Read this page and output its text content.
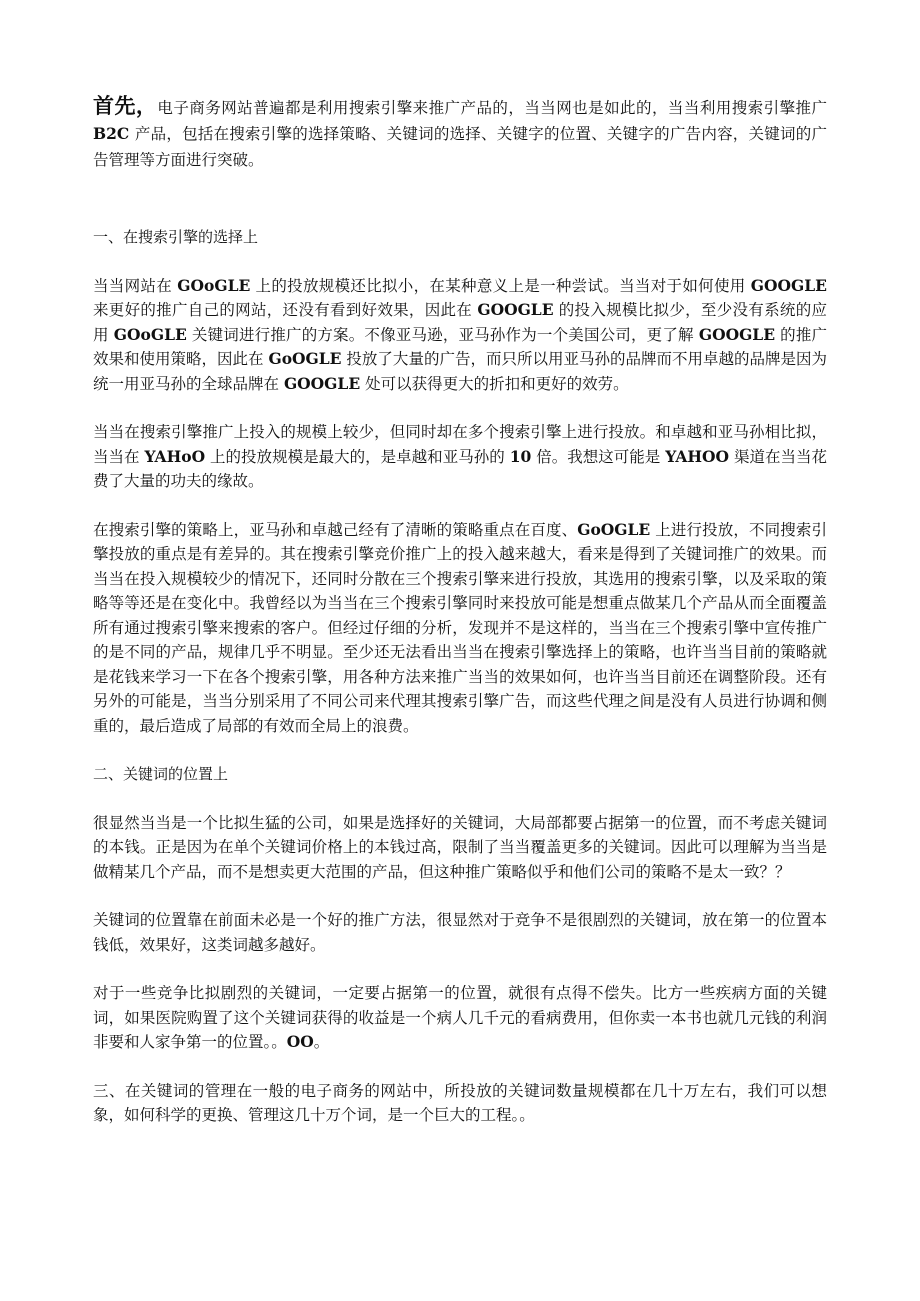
首先，电子商务网站普遍都是利用搜索引擎来推广产品的，当当网也是如此的，当当利用搜索引擎推广 B2C 产品，包括在搜索引擎的选择策略、关键词的选择、关键字的位置、关键字的广告内容，关键词的广告管理等方面进行突破。

一、在搜索引擎的选择上

当当网站在 GOoGLE 上的投放规模还比拟小，在某种意义上是一种尝试。当当对于如何使用 GOOGLE 来更好的推广自己的网站，还没有看到好效果，因此在 GOOGLE 的投入规模比拟少，至少没有系统的应用 GOoGLE 关键词进行推广的方案。不像亚马逊，亚马孙作为一个美国公司，更了解 GOOGLE 的推广效果和使用策略，因此在 GoOGLE 投放了大量的广告，而只所以用亚马孙的品牌而不用卓越的品牌是因为统一用亚马孙的全球品牌在 GOOGLE 处可以获得更大的折扣和更好的效劳。

当当在搜索引擎推广上投入的规模上较少，但同时却在多个搜索引擎上进行投放。和卓越和亚马孙相比拟，当当在 YAHoO 上的投放规模是最大的，是卓越和亚马孙的 10 倍。我想这可能是 YAHOO 渠道在当当花费了大量的功夫的缘故。

在搜索引擎的策略上，亚马孙和卓越己经有了清晰的策略重点在百度、GoOGLE 上进行投放，不同搜索引擎投放的重点是有差异的。其在搜索引擎竞价推广上的投入越来越大，看来是得到了关键词推广的效果。而当当在投入规模较少的情况下，还同时分散在三个搜索引擎来进行投放，其选用的搜索引擎，以及采取的策略等等还是在变化中。我曾经以为当当在三个搜索引擎同时来投放可能是想重点做某几个产品从而全面覆盖所有通过搜索引擎来搜索的客户。但经过仔细的分析，发现并不是这样的，当当在三个搜索引擎中宣传推广的是不同的产品，规律几乎不明显。至少还无法看出当当在搜索引擎选择上的策略，也许当当目前的策略就是花钱来学习一下在各个搜索引擎，用各种方法来推广当当的效果如何，也许当当目前还在调整阶段。还有另外的可能是，当当分别采用了不同公司来代理其搜索引擎广告，而这些代理之间是没有人员进行协调和侧重的，最后造成了局部的有效而全局上的浪费。

二、关键词的位置上

很显然当当是一个比拟生猛的公司，如果是选择好的关键词，大局部都要占据第一的位置，而不考虑关键词的本钱。正是因为在单个关键词价格上的本钱过高，限制了当当覆盖更多的关键词。因此可以理解为当当是做精某几个产品，而不是想卖更大范围的产品，但这种推广策略似乎和他们公司的策略不是太一致？？

关键词的位置靠在前面未必是一个好的推广方法，很显然对于竞争不是很剧烈的关键词，放在第一的位置本钱低，效果好，这类词越多越好。

对于一些竞争比拟剧烈的关键词，一定要占据第一的位置，就很有点得不偿失。比方一些疾病方面的关键词，如果医院购置了这个关键词获得的收益是一个病人几千元的看病费用，但你卖一本书也就几元钱的利润非要和人家争第一的位置。。OO。

三、在关键词的管理在一般的电子商务的网站中，所投放的关键词数量规模都在几十万左右，我们可以想象，如何科学的更换、管理这几十万个词，是一个巨大的工程。。
